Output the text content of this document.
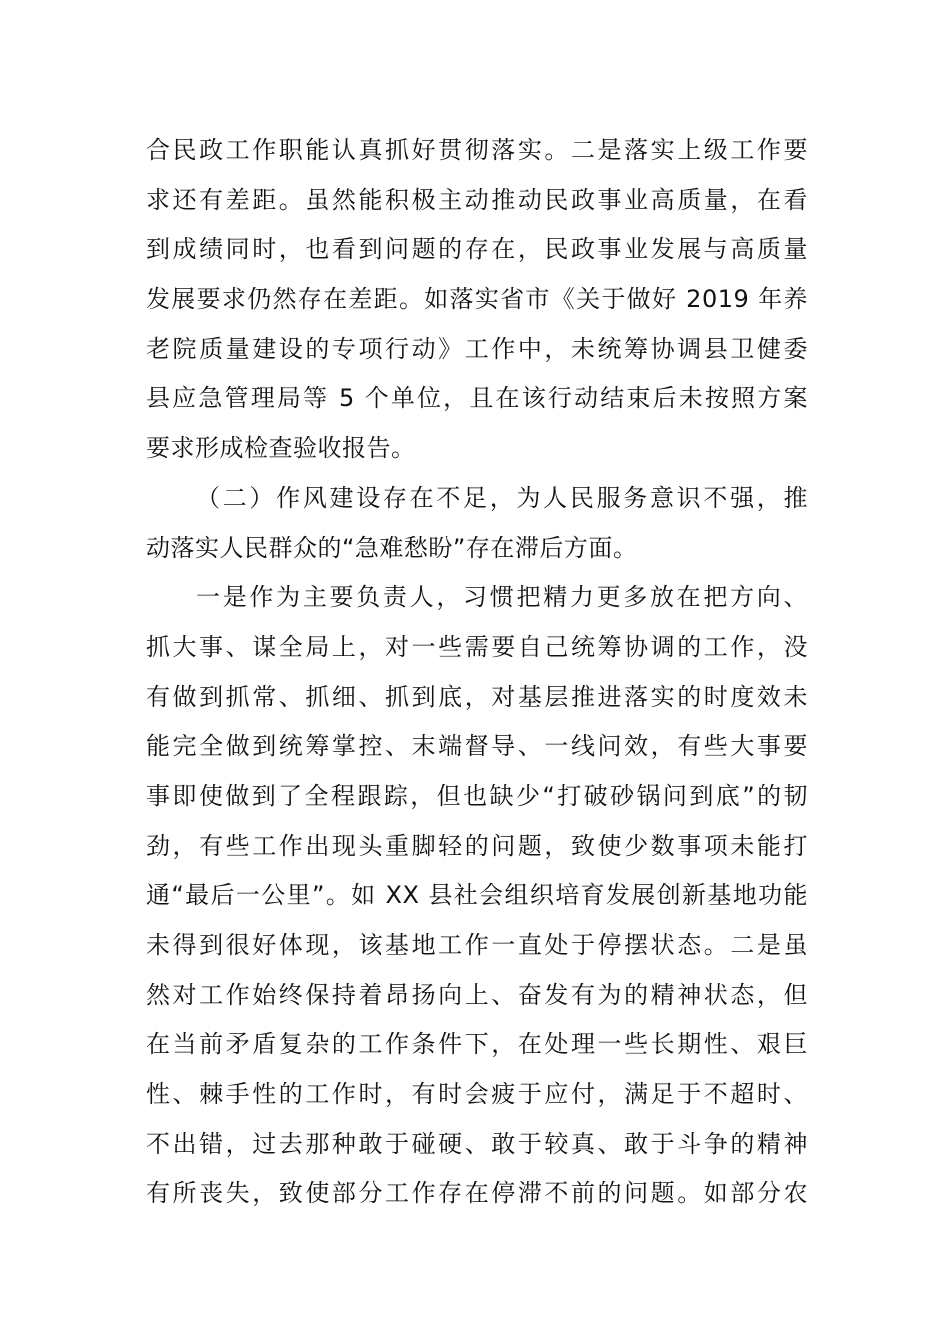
合民政工作职能认真抓好贯彻落实。二是落实上级工作要
求还有差距。虽然能积极主动推动民政事业高质量，在看
到成绩同时，也看到问题的存在，民政事业发展与高质量
发展要求仍然存在差距。如落实省市《关于做好 2019 年养
老院质量建设的专项行动》工作中，未统筹协调县卫健委
县应急管理局等 5 个单位，且在该行动结束后未按照方案
要求形成检查验收报告。
（二）作风建设存在不足，为人民服务意识不强，推
动落实人民群众的“急难愁盼”存在滞后方面。
一是作为主要负责人，习惯把精力更多放在把方向、
抓大事、谋全局上，对一些需要自己统筹协调的工作，没
有做到抓常、抓细、抓到底，对基层推进落实的时度效未
能完全做到统筹掌控、末端督导、一线问效，有些大事要
事即使做到了全程跟踪，但也缺少“打破砂锅问到底”的韧
劲，有些工作出现头重脚轻的问题，致使少数事项未能打
通“最后一公里”。如 XX 县社会组织培育发展创新基地功能
未得到很好体现，该基地工作一直处于停摆状态。二是虽
然对工作始终保持着昂扬向上、奋发有为的精神状态，但
在当前矛盾复杂的工作条件下，在处理一些长期性、艰巨
性、棘手性的工作时，有时会疲于应付，满足于不超时、
不出错，过去那种敢于碰硬、敢于较真、敢于斗争的精神
有所丧失，致使部分工作存在停滞不前的问题。如部分农
